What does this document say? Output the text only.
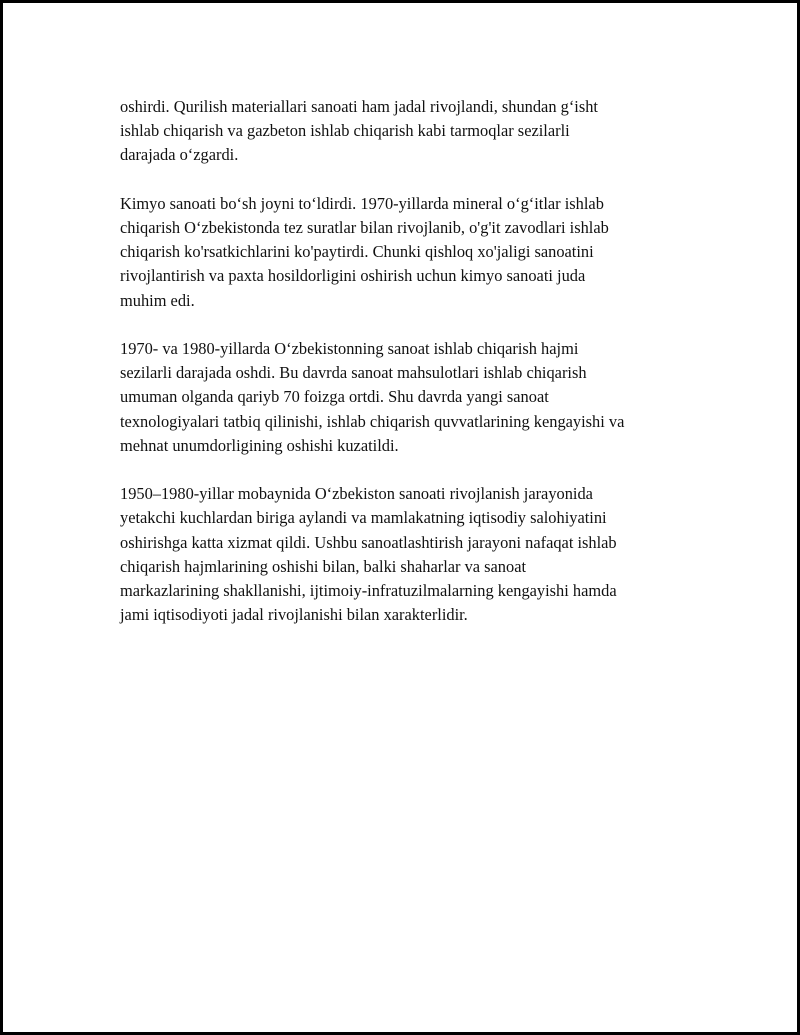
oshirdi. Qurilish materiallari sanoati ham jadal rivojlandi, shundan g‘isht
ishlab chiqarish va gazbeton ishlab chiqarish kabi tarmoqlar sezilarli
darajada o‘zgardi.

Kimyo sanoati bo‘sh joyni to‘ldirdi. 1970-yillarda mineral o‘g‘itlar ishlab
chiqarish O‘zbekistonda tez suratlar bilan rivojlanib, o'g'it zavodlari ishlab
chiqarish ko'rsatkichlarini ko'paytirdi. Chunki qishloq xo'jaligi sanoatini
rivojlantirish va paxta hosildorligini oshirish uchun kimyo sanoati juda
muhim edi.

1970- va 1980-yillarda O‘zbekistonning sanoat ishlab chiqarish hajmi
sezilarli darajada oshdi. Bu davrda sanoat mahsulotlari ishlab chiqarish
umuman olganda qariyb 70 foizga ortdi. Shu davrda yangi sanoat
texnologiyalari tatbiq qilinishi, ishlab chiqarish quvvatlarining kengayishi va
mehnat unumdorligining oshishi kuzatildi.

1950–1980-yillar mobaynida O‘zbekiston sanoati rivojlanish jarayonida
yetakchi kuchlardan biriga aylandi va mamlakatning iqtisodiy salohiyatini
oshirishga katta xizmat qildi. Ushbu sanoatlashtirish jarayoni nafaqat ishlab
chiqarish hajmlarining oshishi bilan, balki shaharlar va sanoat
markazlarining shakllanishi, ijtimoiy-infratuzilmalarning kengayishi hamda
jami iqtisodiyoti jadal rivojlanishi bilan xarakterlidir.
